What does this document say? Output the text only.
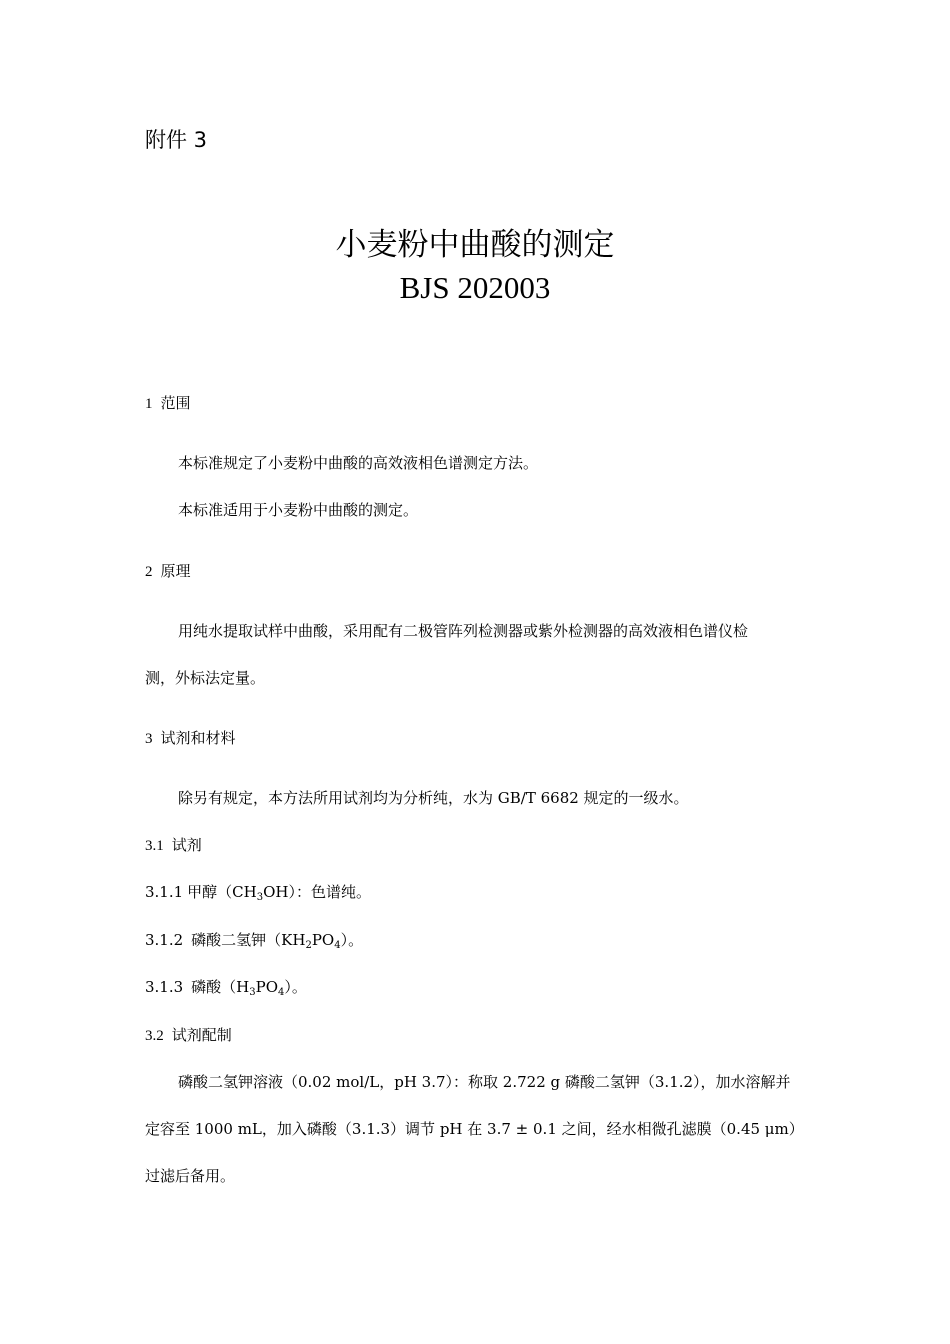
附件 3
小麦粉中曲酸的测定
BJS 202003
1 范围
本标准规定了小麦粉中曲酸的高效液相色谱测定方法。
本标准适用于小麦粉中曲酸的测定。
2 原理
用纯水提取试样中曲酸，采用配有二极管阵列检测器或紫外检测器的高效液相色谱仪检
测，外标法定量。
3 试剂和材料
除另有规定，本方法所用试剂均为分析纯，水为 GB/T 6682 规定的一级水。
3.1 试剂
3.1.1 甲醇$(CH_3OH)$：色谱纯。
3.1.2 磷酸二氢钾$(KH_2PO_4)$。
3.1.3 磷酸$(H_3PO_4)$。
3.2 试剂配制
磷酸二氢钾溶液（0.02 mol/L，pH 3.7）：称取 2.722 g 磷酸二氢钾（3.1.2），加水溶解并
定容至 1000 mL，加入磷酸（3.1.3）调节 pH 在 3.7 ± 0.1 之间，经水相微孔滤膜（0.45 μm）
过滤后备用。
